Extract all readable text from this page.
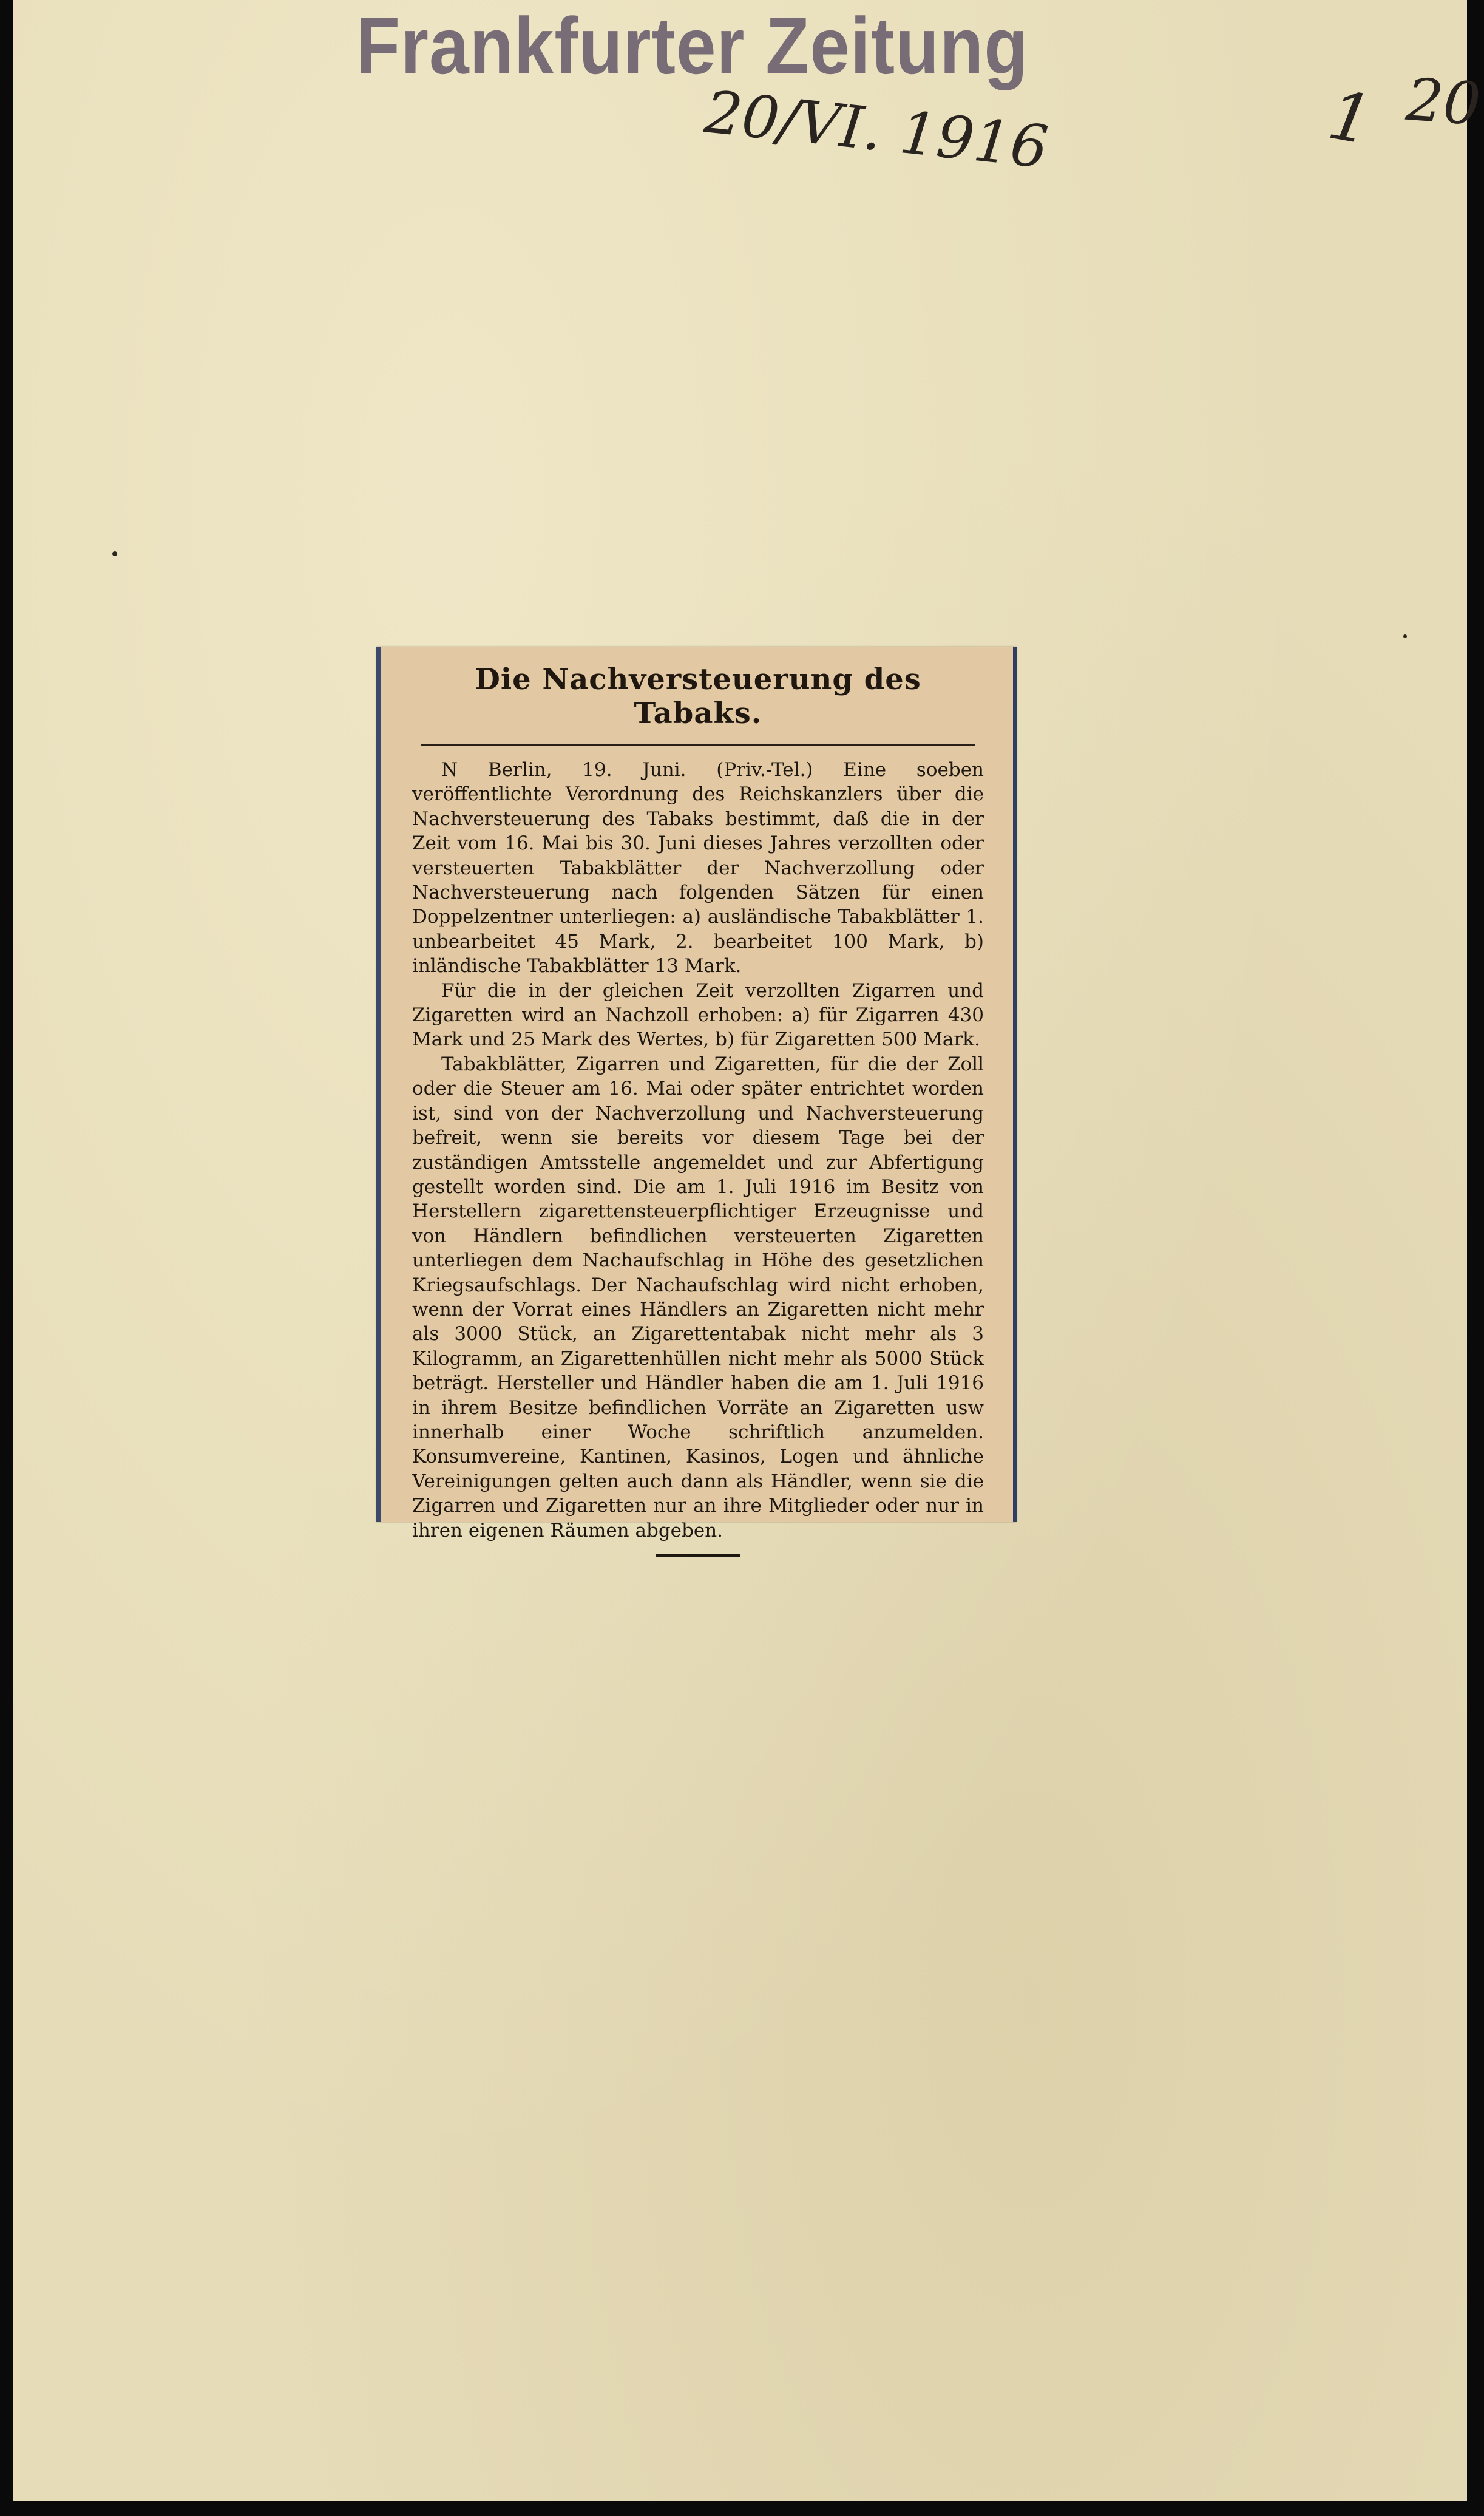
Frankfurter Zeitung
20/VI. 1916	1 20
Die Nachversteuerung des Tabaks.

N Berlin, 19. Juni. (Priv.-Tel.) Eine soeben veröffentlichte Verordnung des Reichskanzlers über die Nachversteuerung des Tabaks bestimmt, daß die in der Zeit vom 16. Mai bis 30. Juni dieses Jahres verzollten oder versteuerten Tabakblätter der Nachverzollung oder Nachversteuerung nach folgenden Sätzen für einen Doppelzentner unterliegen: a) ausländische Tabakblätter 1. unbearbeitet 45 Mark, 2. bearbeitet 100 Mark, b) inländische Tabakblätter 13 Mark.

Für die in der gleichen Zeit verzollten Zigarren und Zigaretten wird an Nachzoll erhoben: a) für Zigarren 430 Mark und 25 Mark des Wertes, b) für Zigaretten 500 Mark.

Tabakblätter, Zigarren und Zigaretten, für die der Zoll oder die Steuer am 16. Mai oder später entrichtet worden ist, sind von der Nachverzollung und Nachversteuerung befreit, wenn sie bereits vor diesem Tage bei der zuständigen Amtsstelle angemeldet und zur Abfertigung gestellt worden sind. Die am 1. Juli 1916 im Besitz von Herstellern zigarettensteuerpflichtiger Erzeugnisse und von Händlern befindlichen versteuerten Zigaretten unterliegen dem Nachaufschlag in Höhe des gesetzlichen Kriegsaufschlags. Der Nachaufschlag wird nicht erhoben, wenn der Vorrat eines Händlers an Zigaretten nicht mehr als 3000 Stück, an Zigarettentabak nicht mehr als 3 Kilogramm, an Zigarettenhüllen nicht mehr als 5000 Stück beträgt. Hersteller und Händler haben die am 1. Juli 1916 in ihrem Besitze befindlichen Vorräte an Zigaretten usw innerhalb einer Woche schriftlich anzumelden. Konsumvereine, Kantinen, Kasinos, Logen und ähnliche Vereinigungen gelten auch dann als Händler, wenn sie die Zigarren und Zigaretten nur an ihre Mitglieder oder nur in ihren eigenen Räumen abgeben.
